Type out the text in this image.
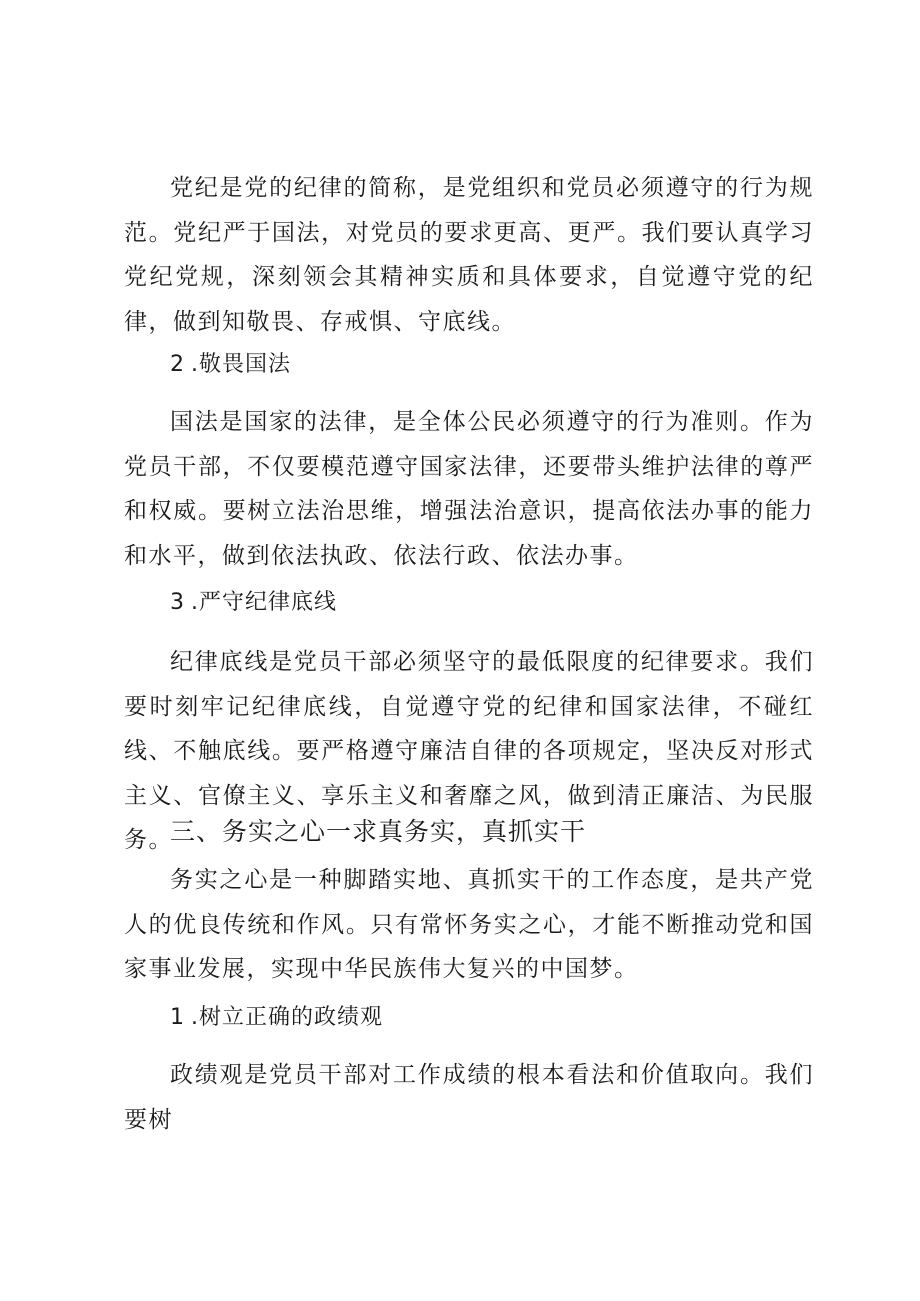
党纪是党的纪律的简称，是党组织和党员必须遵守的行为规范。党纪严于国法，对党员的要求更高、更严。我们要认真学习党纪党规，深刻领会其精神实质和具体要求，自觉遵守党的纪律，做到知敬畏、存戒惧、守底线。

2 .敬畏国法

国法是国家的法律，是全体公民必须遵守的行为准则。作为党员干部，不仅要模范遵守国家法律，还要带头维护法律的尊严和权威。要树立法治思维，增强法治意识，提高依法办事的能力和水平，做到依法执政、依法行政、依法办事。

3 .严守纪律底线

纪律底线是党员干部必须坚守的最低限度的纪律要求。我们要时刻牢记纪律底线，自觉遵守党的纪律和国家法律，不碰红线、不触底线。要严格遵守廉洁自律的各项规定，坚决反对形式主义、官僚主义、享乐主义和奢靡之风，做到清正廉洁、为民服务。

三、务实之心一求真务实，真抓实干

务实之心是一种脚踏实地、真抓实干的工作态度，是共产党人的优良传统和作风。只有常怀务实之心，才能不断推动党和国家事业发展，实现中华民族伟大复兴的中国梦。

1 .树立正确的政绩观

政绩观是党员干部对工作成绩的根本看法和价值取向。我们要树
